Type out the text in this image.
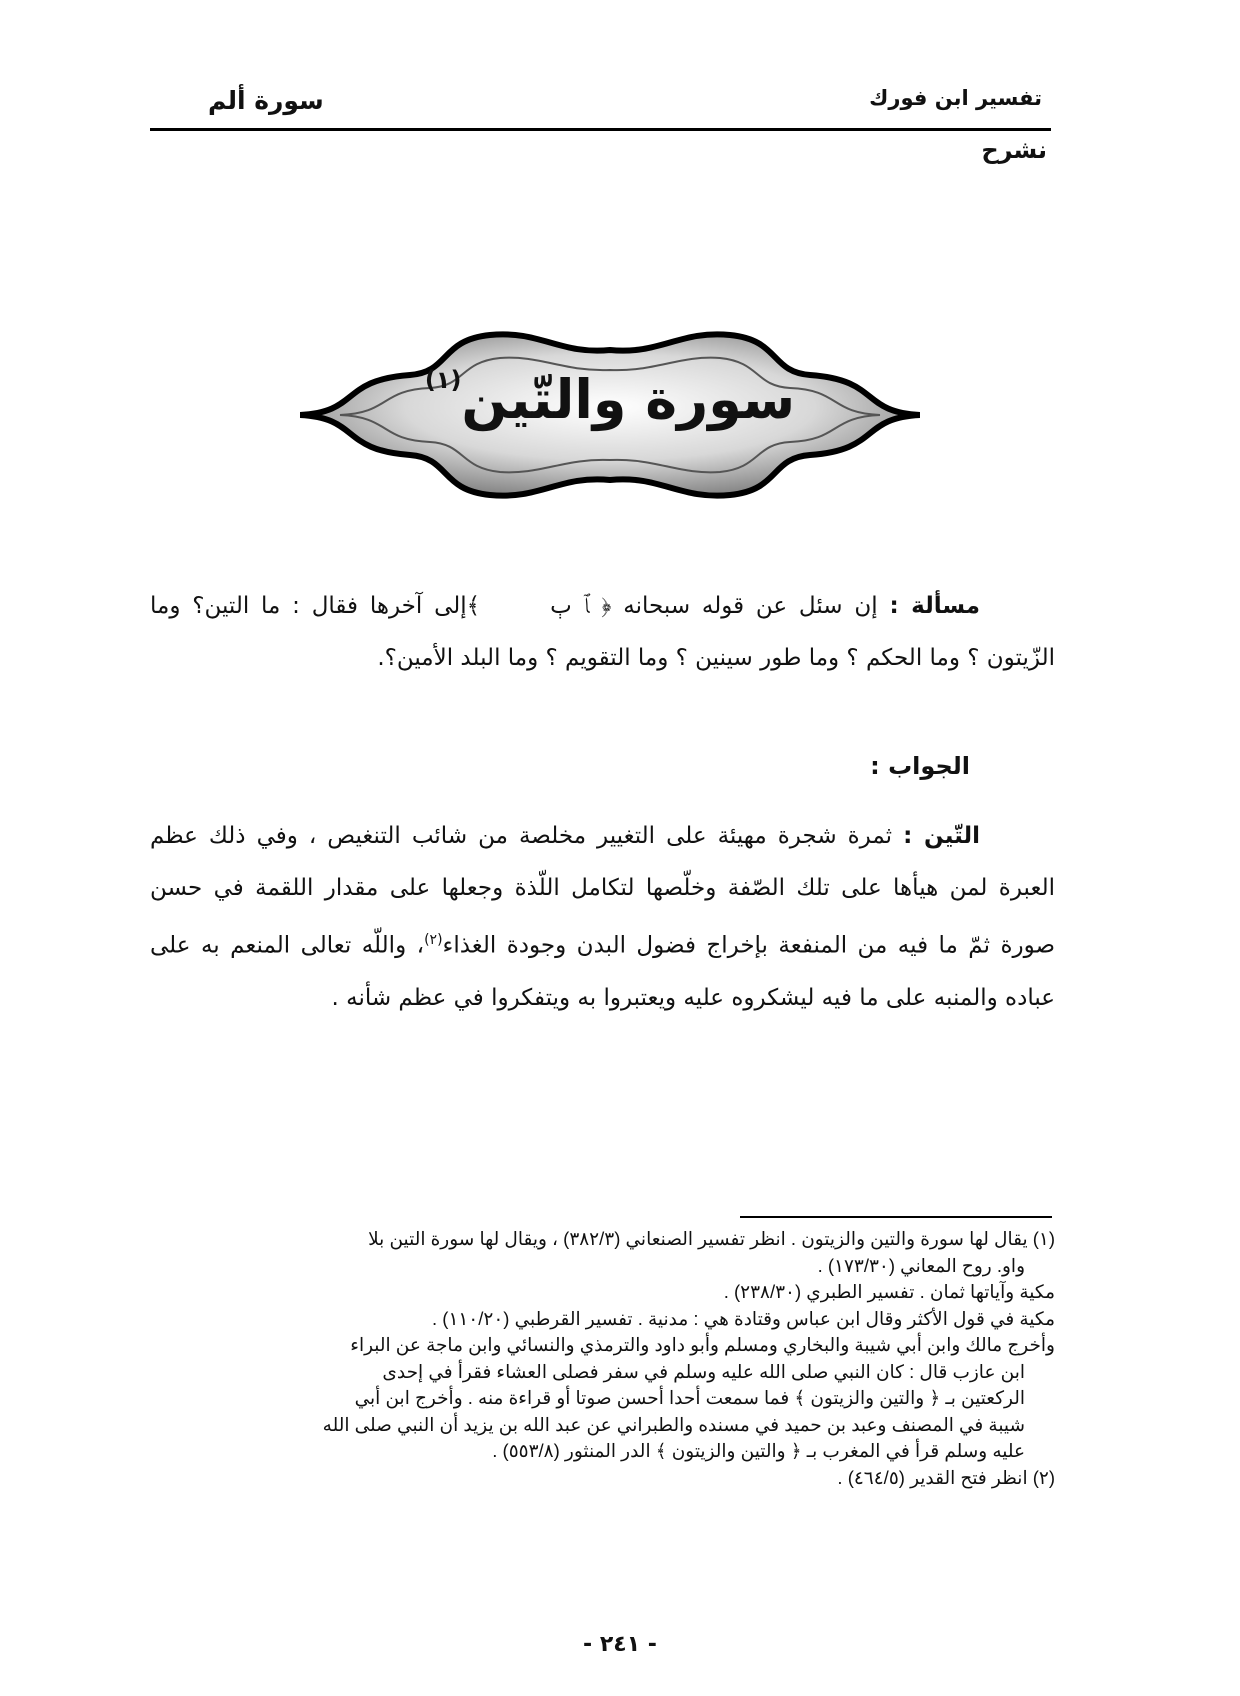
تفسير ابن فورك
سورة ألم
نشرح
سورة والتّين$^{(١)}$
مسألة : إن سئل عن قوله سبحانه ﴿ ﭑ ﭒ﴾إلى آخرها فقال : ما التين؟ وما الزّيتون ؟ وما الحكم ؟ وما طور سينين ؟ وما التقويم ؟ وما البلد الأمين؟.
الجواب :
التّين : ثمرة شجرة مهيئة على التغيير مخلصة من شائب التنغيص ، وفي ذلك عظم العبرة لمن هيأها على تلك الصّفة وخلّصها لتكامل اللّذة وجعلها على مقدار اللقمة في حسن صورة ثمّ ما فيه من المنفعة بإخراج فضول البدن وجودة الغذاء$^{(٢)}$، واللّه تعالى المنعم به على عباده والمنبه على ما فيه ليشكروه عليه ويعتبروا به ويتفكروا في عظم شأنه .

(١) يقال لها سورة والتين والزيتون . انظر تفسير الصنعاني (٣٨٢/٣) ، ويقال لها سورة التين بلا

واو. روح المعاني (١٧٣/٣٠) .

مكية وآياتها ثمان . تفسير الطبري (٢٣٨/٣٠) .

مكية في قول الأكثر وقال ابن عباس وقتادة هي : مدنية . تفسير القرطبي (١١٠/٢٠) .

وأخرج مالك وابن أبي شيبة والبخاري ومسلم وأبو داود والترمذي والنسائي وابن ماجة عن البراء

ابن عازب قال : كان النبي صلى الله عليه وسلم في سفر فصلى العشاء فقرأ في إحدى

الركعتين بـ ﴿ والتين والزيتون ﴾ فما سمعت أحدا أحسن صوتا أو قراءة منه . وأخرج ابن أبي

شيبة في المصنف وعبد بن حميد في مسنده والطبراني عن عبد الله بن يزيد أن النبي صلى الله

عليه وسلم قرأ في المغرب بـ ﴿ والتين والزيتون ﴾ الدر المنثور (٥٥٣/٨) .

(٢) انظر فتح القدير (٤٦٤/٥) .

- ٢٤١ -
